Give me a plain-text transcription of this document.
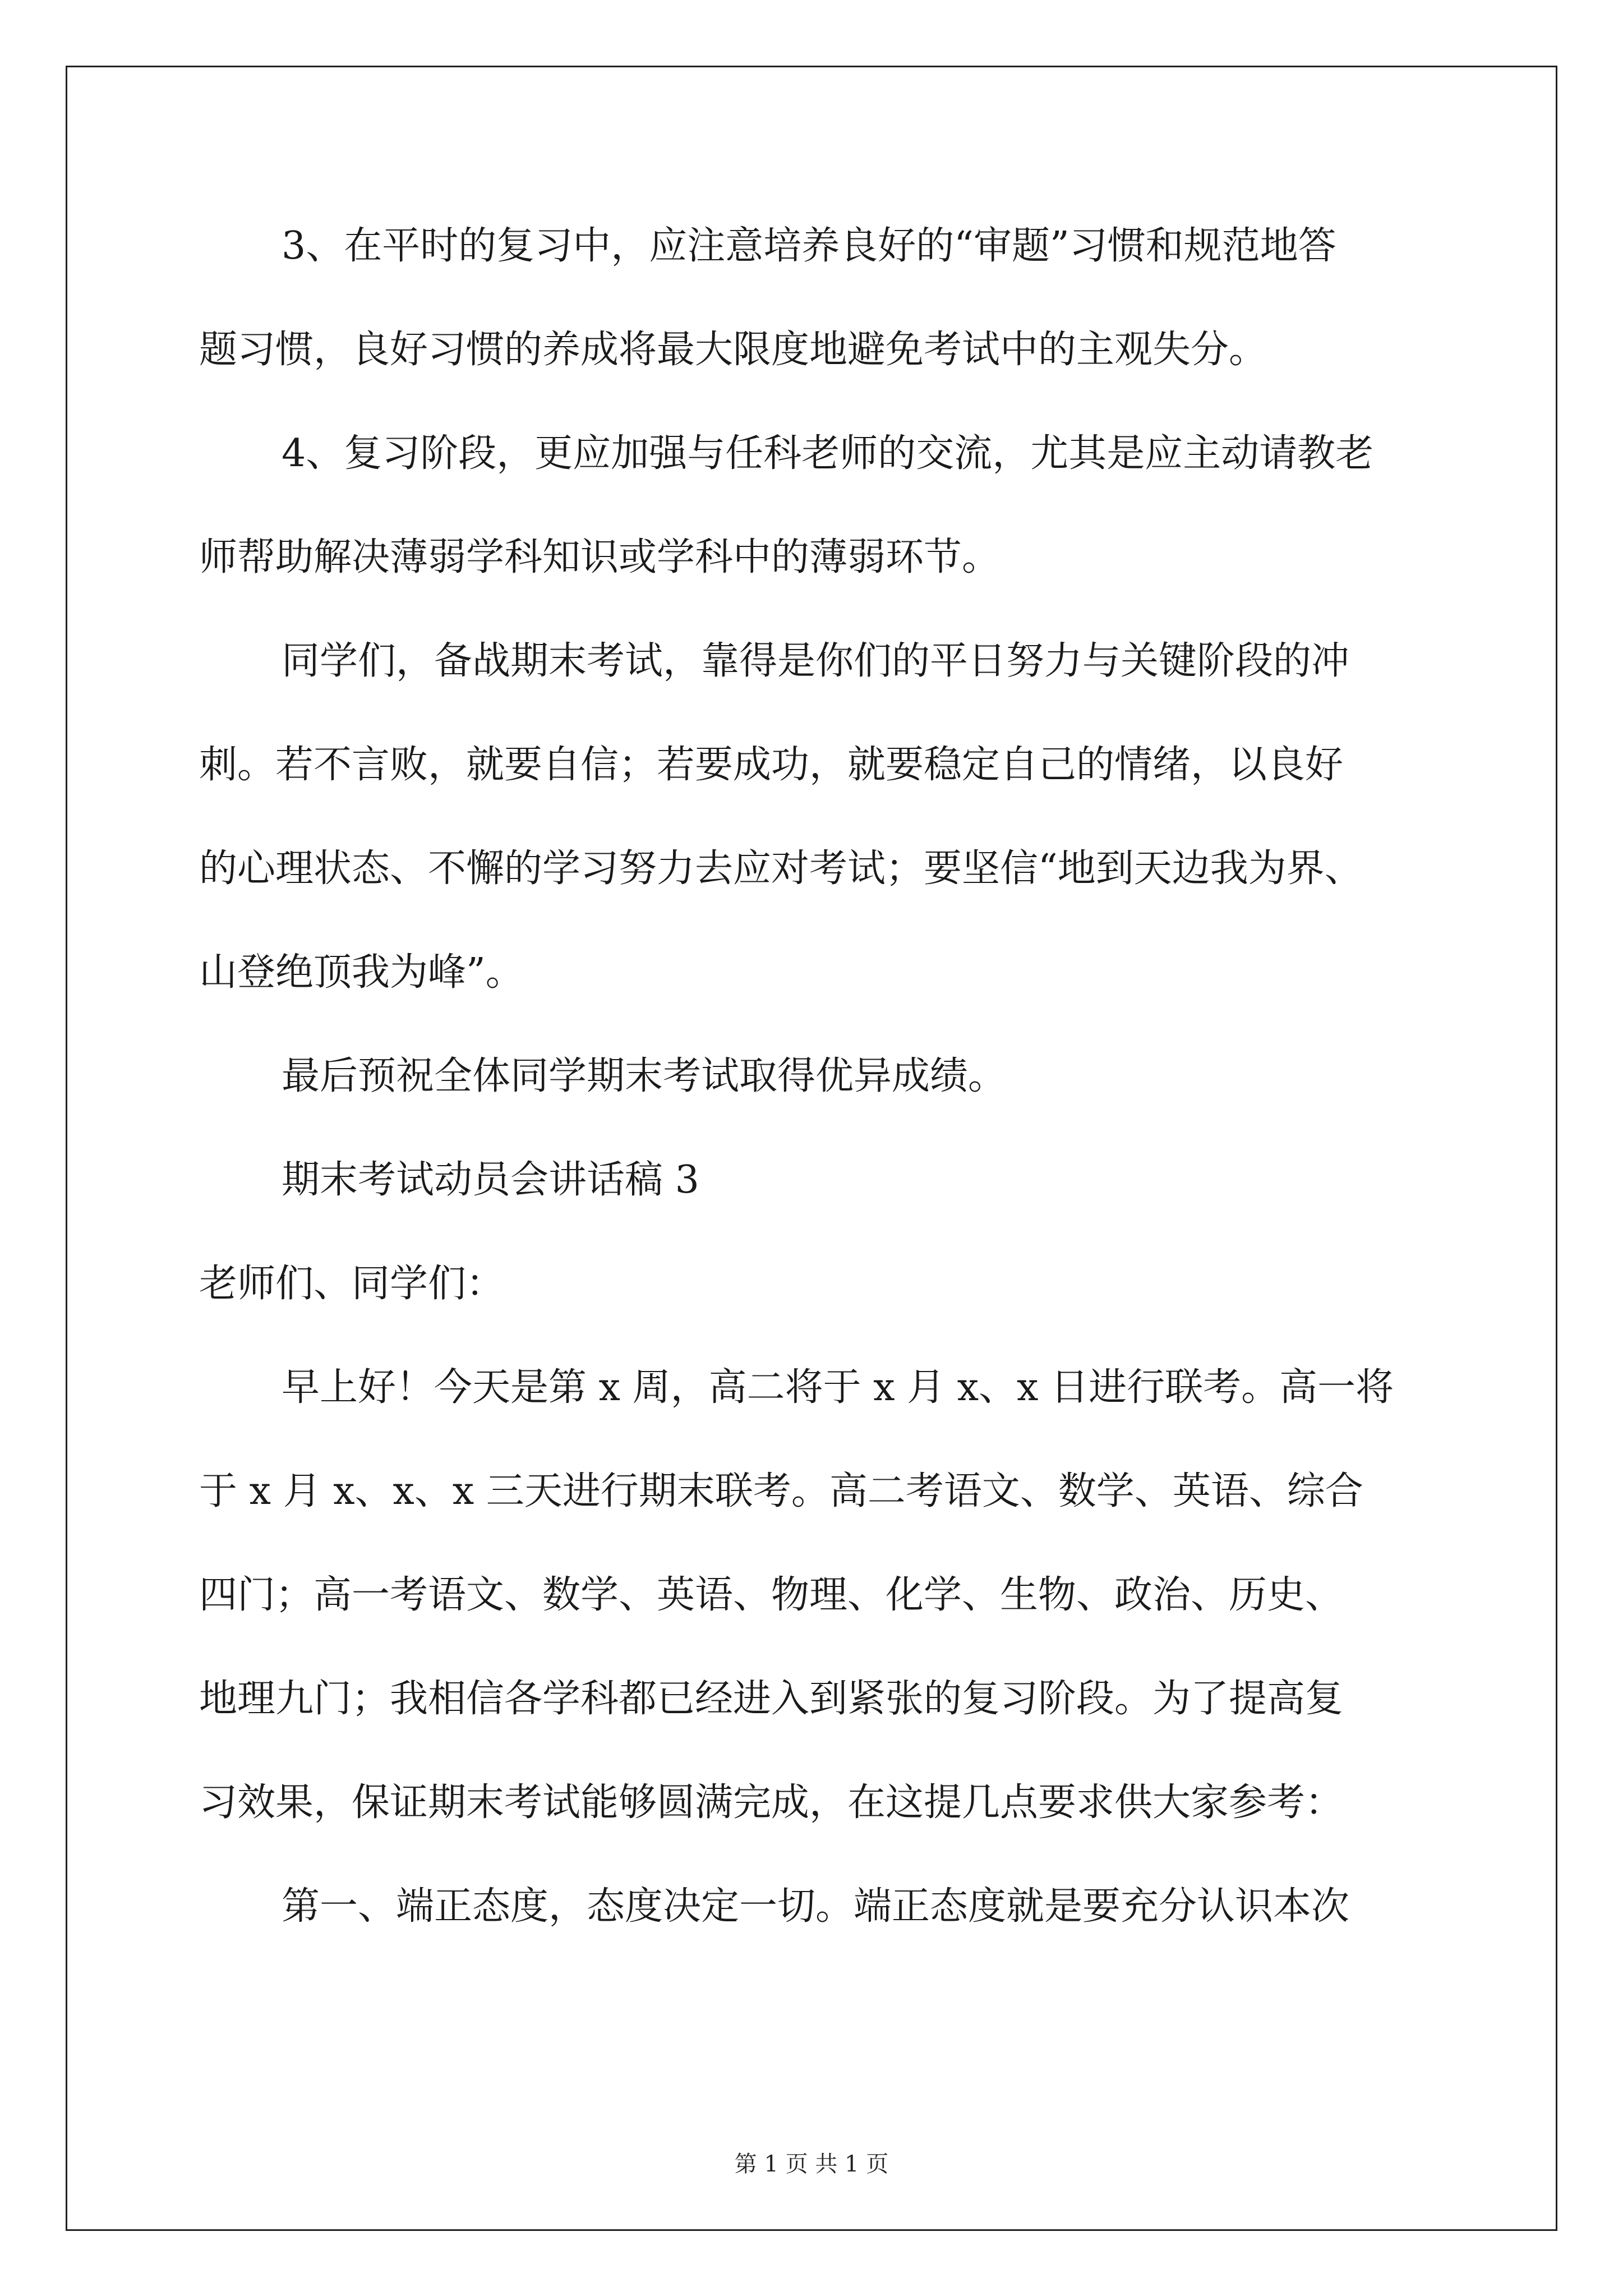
3、在平时的复习中，应注意培养良好的“审题”习惯和规范地答
题习惯，良好习惯的养成将最大限度地避免考试中的主观失分。
4、复习阶段，更应加强与任科老师的交流，尤其是应主动请教老
师帮助解决薄弱学科知识或学科中的薄弱环节。
同学们，备战期末考试，靠得是你们的平日努力与关键阶段的冲
刺。若不言败，就要自信；若要成功，就要稳定自己的情绪，以良好
的心理状态、不懈的学习努力去应对考试；要坚信“地到天边我为界、
山登绝顶我为峰”。
最后预祝全体同学期末考试取得优异成绩。
期末考试动员会讲话稿 3
老师们、同学们：
早上好！今天是第 x 周，高二将于 x 月 x、x 日进行联考。高一将
于 x 月 x、x、x 三天进行期末联考。高二考语文、数学、英语、综合
四门；高一考语文、数学、英语、物理、化学、生物、政治、历史、
地理九门；我相信各学科都已经进入到紧张的复习阶段。为了提高复
习效果，保证期末考试能够圆满完成，在这提几点要求供大家参考：
第一、端正态度，态度决定一切。端正态度就是要充分认识本次
第 1 页 共 1 页
